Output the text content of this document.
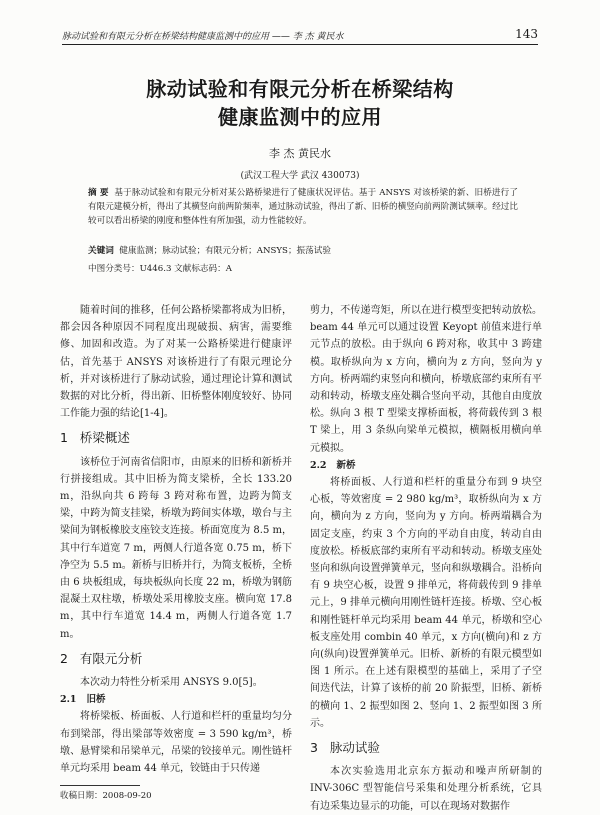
脉动试验和有限元分析在桥梁结构健康监测中的应用 —— 李 杰 黄民水	143
脉动试验和有限元分析在桥梁结构
健康监测中的应用
李 杰 黄民水
(武汉工程大学 武汉 430073)
摘 要 基于脉动试验和有限元分析对某公路桥梁进行了健康状况评估。基于 ANSYS 对该桥梁的新、旧桥进行了有限元建模分析，得出了其横竖向前两阶频率，通过脉动试验，得出了新、旧桥的横竖向前两阶测试频率。经过比较可以看出桥梁的刚度和整体性有所加强，动力性能较好。
关键词 健康监测；脉动试验；有限元分析；ANSYS；振荡试验
中图分类号：U446.3 文献标志码：A

随着时间的推移，任何公路桥梁都将成为旧桥，都会因各种原因不同程度出现破损、病害，需要维修、加固和改造。为了对某一公路桥梁进行健康评估，首先基于 ANSYS 对该桥进行了有限元理论分析，并对该桥进行了脉动试验，通过理论计算和测试数据的对比分析，得出新、旧桥整体刚度较好、协同工作能力强的结论[1-4]。

1 桥梁概述

该桥位于河南省信阳市，由原来的旧桥和新桥并行拼接组成。其中旧桥为简支梁桥，全长 133.20 m，沿纵向共 6 跨每 3 跨对称布置，边跨为简支梁，中跨为简支挂梁，桥墩为跨间实体墩，墩台与主梁间为钢板橡胶支座铰支连接。桥面宽度为 8.5 m，其中行车道宽 7 m，两侧人行道各宽 0.75 m，桥下净空为 5.5 m。新桥与旧桥并行，为简支板桥，全桥由 6 块板组成，每块板纵向长度 22 m，桥墩为钢筋混凝土双柱墩，桥墩处采用橡胶支座。横向宽 17.8 m，其中行车道宽 14.4 m，两侧人行道各宽 1.7 m。

2 有限元分析

本次动力特性分析采用 ANSYS 9.0[5]。

2.1 旧桥

将桥梁板、桥面板、人行道和栏杆的重量均匀分布到梁部，得出梁部等效密度 = 3 590 kg/m³，桥墩、悬臂梁和吊梁单元，吊梁的铰接单元。刚性链杆单元均采用 beam 44 单元，铰链由于只传递

收稿日期：2008-09-20

剪力，不传递弯矩，所以在进行模型变把转动放松。beam 44 单元可以通过设置 Keyopt 前值来进行单元节点的放松。由于纵向 6 跨对称，收其中 3 跨建模。取桥纵向为 x 方向，横向为 z 方向，竖向为 y 方向。桥两端约束竖向和横向，桥墩底部约束所有平动和转动，桥墩支座处耦合竖向平动，其他自由度放松。纵向 3 根 T 型梁支撑桥面板，将荷载传到 3 根 T 梁上，用 3 条纵向梁单元模拟，横隔板用横向单元模拟。

2.2 新桥

将桥面板、人行道和栏杆的重量分布到 9 块空心板，等效密度 = 2 980 kg/m³，取桥纵向为 x 方向，横向为 z 方向，竖向为 y 方向。桥两端耦合为固定支座，约束 3 个方向的平动自由度，转动自由度放松。桥板底部约束所有平动和转动。桥墩支座处竖向和纵向设置弹簧单元，竖向和纵墩耦合。沿桥向有 9 块空心板，设置 9 排单元，将荷载传到 9 排单元上，9 排单元横向用刚性链杆连接。桥墩、空心板和刚性链杆单元均采用 beam 44 单元，桥墩和空心板支座处用 combin 40 单元，x 方向(横向)和 z 方向(纵向)设置弹簧单元。旧桥、新桥的有限元模型如图 1 所示。在上述有限模型的基础上，采用了子空间迭代法，计算了该桥的前 20 阶振型，旧桥、新桥的横向 1、2 振型如图 2、竖向 1、2 振型如图 3 所示。

3 脉动试验

本次实验选用北京东方振动和噪声所研制的 INV-306C 型智能信号采集和处理分析系统，它具有边采集边显示的功能，可以在现场对数据作
